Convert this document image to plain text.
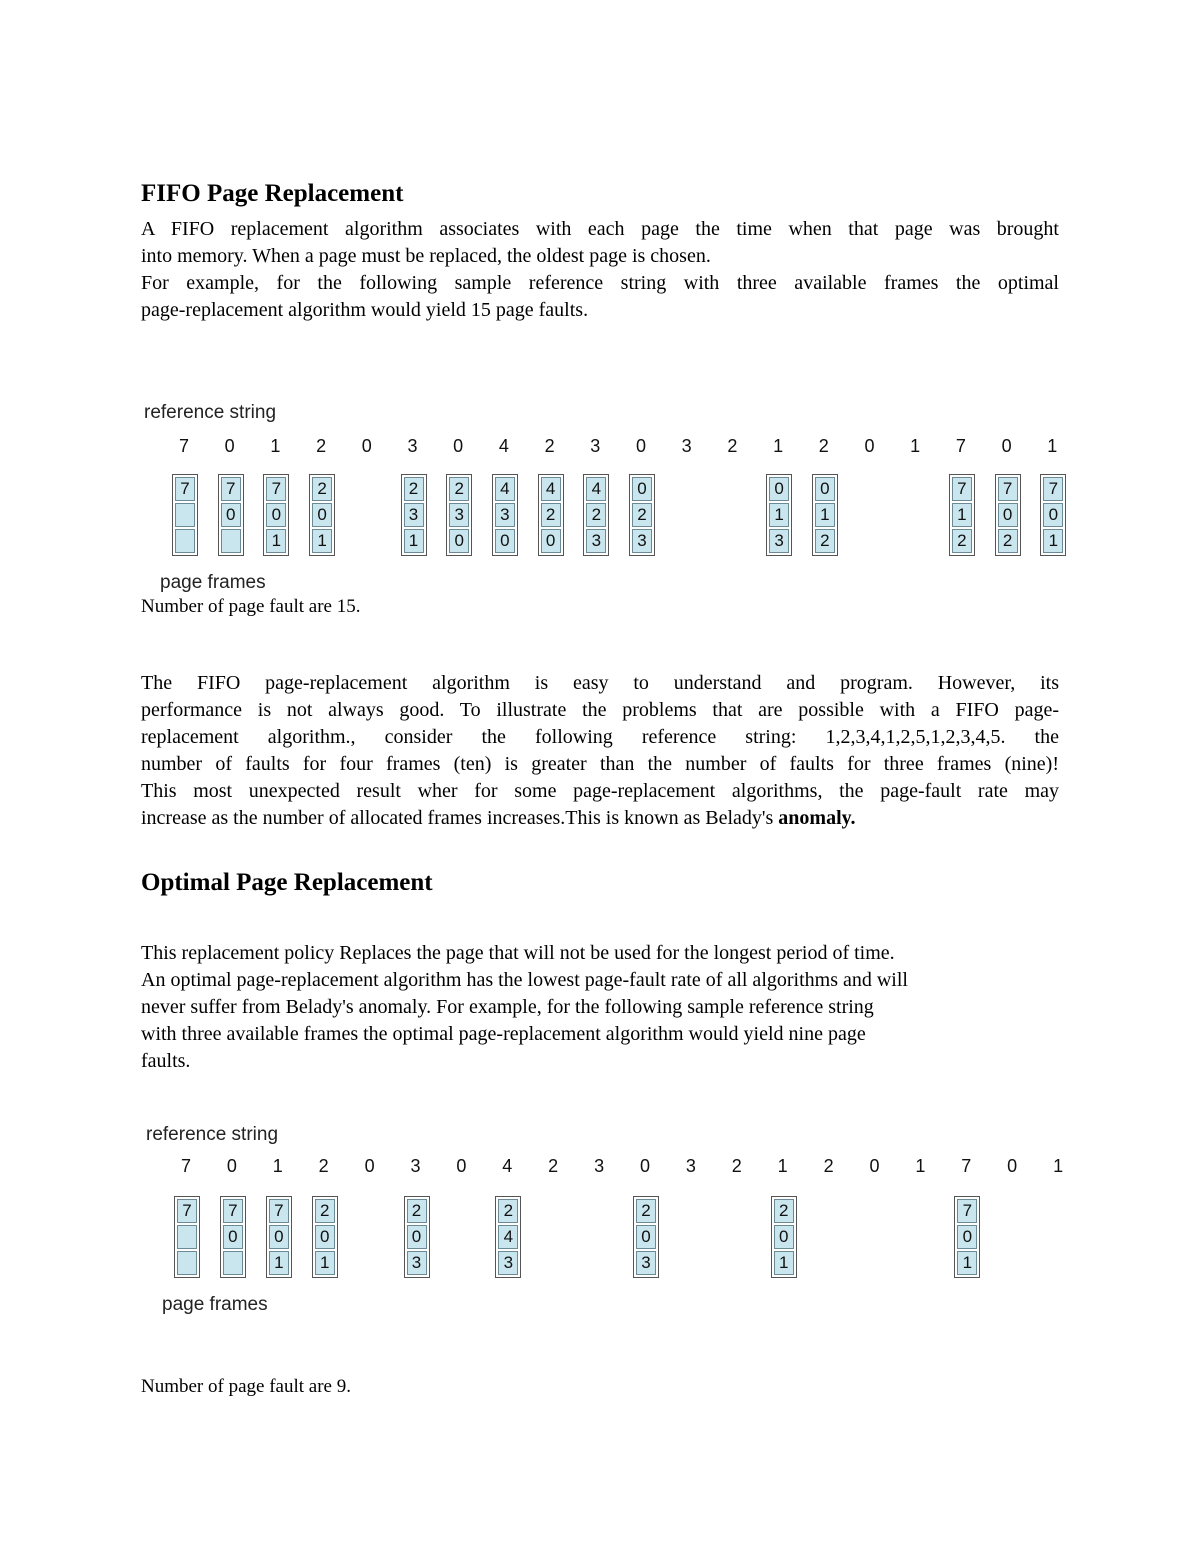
FIFO Page Replacement

A FIFO replacement algorithm associates with each page the time when that page was brought
into memory. When a page must be replaced, the oldest page is chosen.
For example, for the following sample reference string with three available frames the optimal
page-replacement algorithm would yield 15 page faults.

reference string

7 0 1 2 0 3 0 4 2 3 0 3 2 1 2 0 1 7 0 1

page frames

7	7
0
7
0
1
2
0
1
2
3
1
2
3
0
4
3
0
4
2
0
4
2
3
0
2
3
0
1
3
0
1
2
7
1
2
7
0
2
7
0
1

Number of page fault are 15.

The FIFO page-replacement algorithm is easy to understand and program. However, its
performance is not always good. To illustrate the problems that are possible with a FIFO page-
replacement algorithm., consider the following reference string: 1,2,3,4,1,2,5,1,2,3,4,5. the
number of faults for four frames (ten) is greater than the number of faults for three frames (nine)!
This most unexpected result wher for some page-replacement algorithms, the page-fault rate may
increase as the number of allocated frames increases.This is known as Belady's anomaly.

Optimal Page Replacement

This replacement policy Replaces the page that will not be used for the longest period of time.
An optimal page-replacement algorithm has the lowest page-fault rate of all algorithms and will
never suffer from Belady's anomaly. For example, for the following sample reference string
with three available frames the optimal page-replacement algorithm would yield nine page
faults.

reference string

7 0 1 2 0 3 0 4 2 3 0 3 2 1 2 0 1 7 0 1

page frames

7	7
0
7
0
1
2
0
1
2
0
3
2
4
3
2
0
3
2
0
1
7
0
1

Number of page fault are 9.
